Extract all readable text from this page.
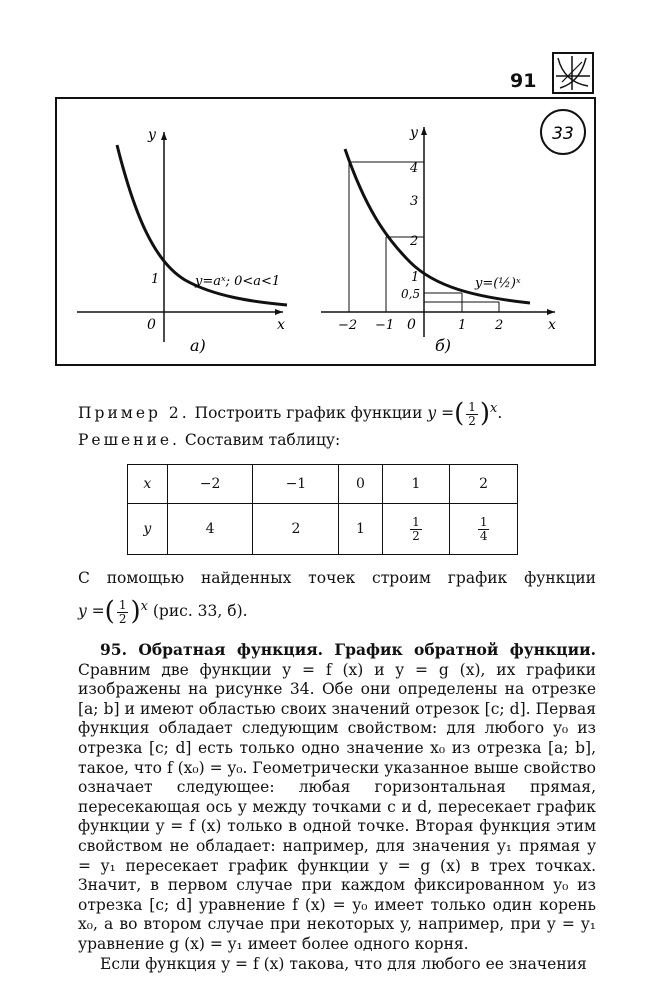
91
33
y
x
0
1	y=aˣ; 0<a<1
а)
y
x
0
−2 −1	1 2
1
0,5
2
3
4
y=(½)ˣ
б)
Пример 2. Построить график функции y =( $\frac{1}{2} )^x$.
Решение. Составим таблицу:
x	−2	−1	0	1	2
y	4	2	1	$\frac{1}{2}$	$\frac{1}{4}$
С помощью найденных точек строим график функции
y =( $\frac{1}{2} )^x$ (рис. 33, б).

95. Обратная функция. График обратной функции. Сравним две функции y = f (x) и y = g (x), их графики изображены на рисунке 34. Обе они определены на отрезке [a; b] и имеют областью своих значений отрезок [c; d]. Первая функция обладает следующим свойством: для любого y₀ из отрезка [c; d] есть только одно значение x₀ из отрезка [a; b], такое, что f (x₀) = y₀. Геометрически указанное выше свойство означает следующее: любая горизонтальная прямая, пересекающая ось y между точками c и d, пересекает график функции y = f (x) только в одной точке. Вторая функция этим свойством не обладает: например, для значения y₁ прямая y = y₁ пересекает график функции y = g (x) в трех точках. Значит, в первом случае при каждом фиксированном y₀ из отрезка [c; d] уравнение f (x) = y₀ имеет только один корень x₀, а во втором случае при некоторых y, например, при y = y₁ уравнение g (x) = y₁ имеет более одного корня.

Если функция y = f (x) такова, что для любого ее значения
